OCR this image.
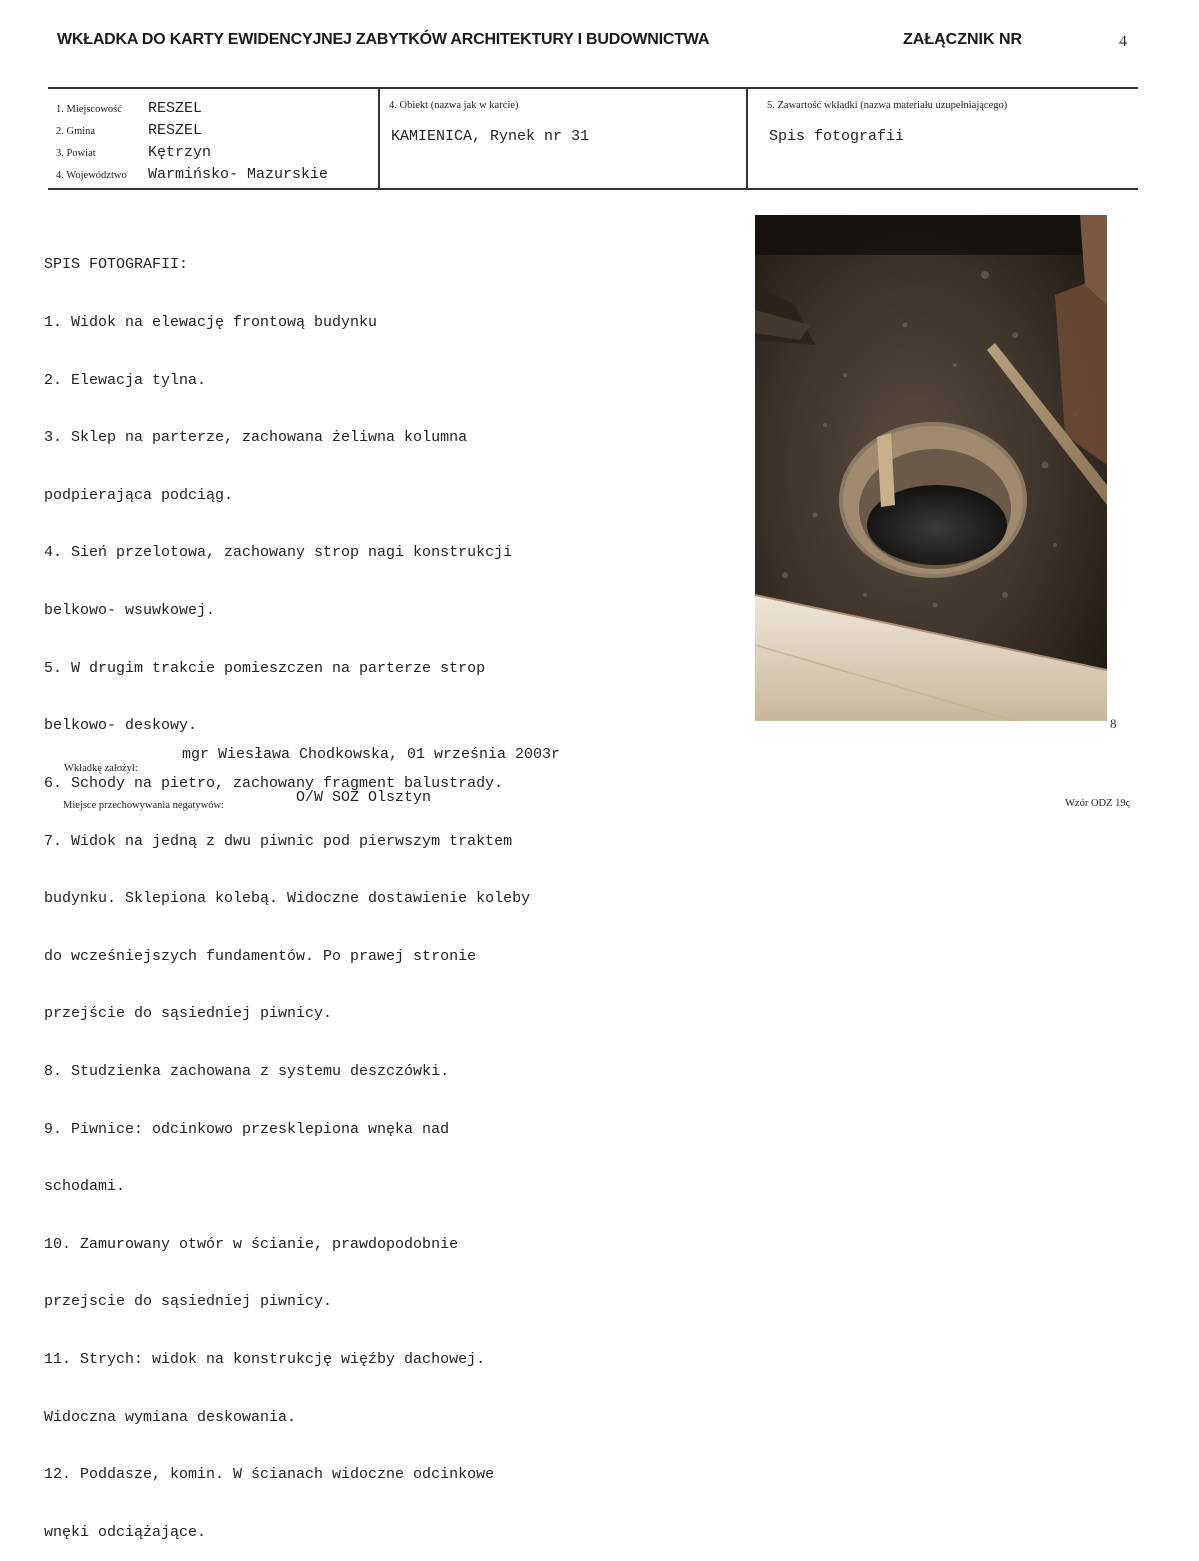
WKŁADKA DO KARTY EWIDENCYJNEJ ZABYTKÓW ARCHITEKTURY I BUDOWNICTWA	ZAŁĄCZNIK NR	4
1. Miejscowość	RESZEL
2. Gmina	RESZEL
3. Powiat	Kętrzyn
4. Województwo	Warmińsko- Mazurskie
4. Obiekt (nazwa jak w karcie)
KAMIENICA, Rynek nr 31
5. Zawartość wkładki (nazwa materiału uzupełniającego)
Spis fotografii

SPIS FOTOGRAFII:

1. Widok na elewację frontową budynku

2. Elewacja tylna.

3. Sklep na parterze, zachowana żeliwna kolumna

podpierająca podciąg.

4. Sień przelotowa, zachowany strop nagi konstrukcji

belkowo- wsuwkowej.

5. W drugim trakcie pomieszczen na parterze strop

belkowo- deskowy.

6. Schody na pietro, zachowany fragment balustrady.

7. Widok na jedną z dwu piwnic pod pierwszym traktem

budynku. Sklepiona kolebą. Widoczne dostawienie koleby

do wcześniejszych fundamentów. Po prawej stronie

przejście do sąsiedniej piwnicy.

8. Studzienka zachowana z systemu deszczówki.

9. Piwnice: odcinkowo przesklepiona wnęka nad

schodami.

10. Zamurowany otwór w ścianie, prawdopodobnie

przejscie do sąsiedniej piwnicy.

11. Strych: widok na konstrukcję więźby dachowej.

Widoczna wymiana deskowania.

12. Poddasze, komin. W ścianach widoczne odcinkowe

wnęki odciążające.

8
Wkładkę założył:
mgr Wiesława Chodkowska, 01 września 2003r
Miejsce przechowywania negatywów:	O/W SOZ Olsztyn	Wzór ODZ 19ς
